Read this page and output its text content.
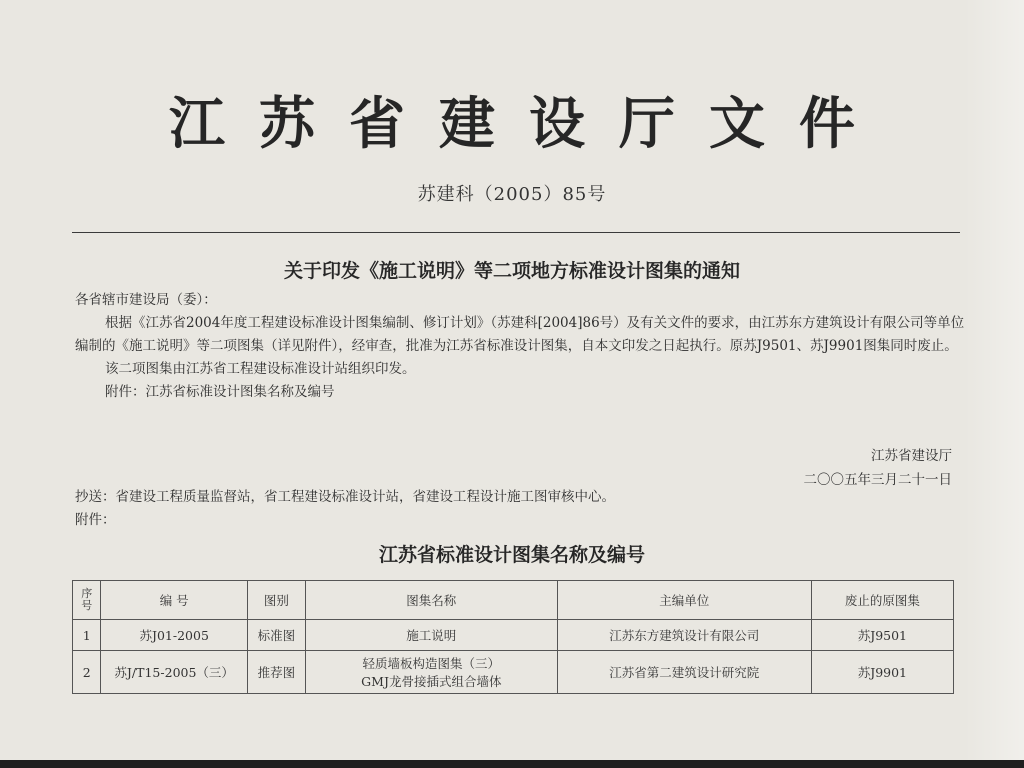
江苏省建设厅文件
苏建科（2005）85号
关于印发《施工说明》等二项地方标准设计图集的通知

各省辖市建设局（委）：

根据《江苏省2004年度工程建设标准设计图集编制、修订计划》（苏建科[2004]86号）及有关文件的要求，由江苏东方建筑设计有限公司等单位编制的《施工说明》等二项图集（详见附件），经审查，批准为江苏省标准设计图集，自本文印发之日起执行。原苏J9501、苏J9901图集同时废止。

该二项图集由江苏省工程建设标准设计站组织印发。

附件：江苏省标准设计图集名称及编号

江苏省建设厅
二〇〇五年三月二十一日
抄送：省建设工程质量监督站，省工程建设标准设计站，省建设工程设计施工图审核中心。
附件：
江苏省标准设计图集名称及编号
序号	编 号	图别	图集名称	主编单位	废止的原图集
1	苏J01-2005	标准图	施工说明	江苏东方建筑设计有限公司	苏J9501
2	苏J/T15-2005（三）	推荐图	轻质墙板构造图集（三）
GMJ龙骨接插式组合墙体	江苏省第二建筑设计研究院	苏J9901
